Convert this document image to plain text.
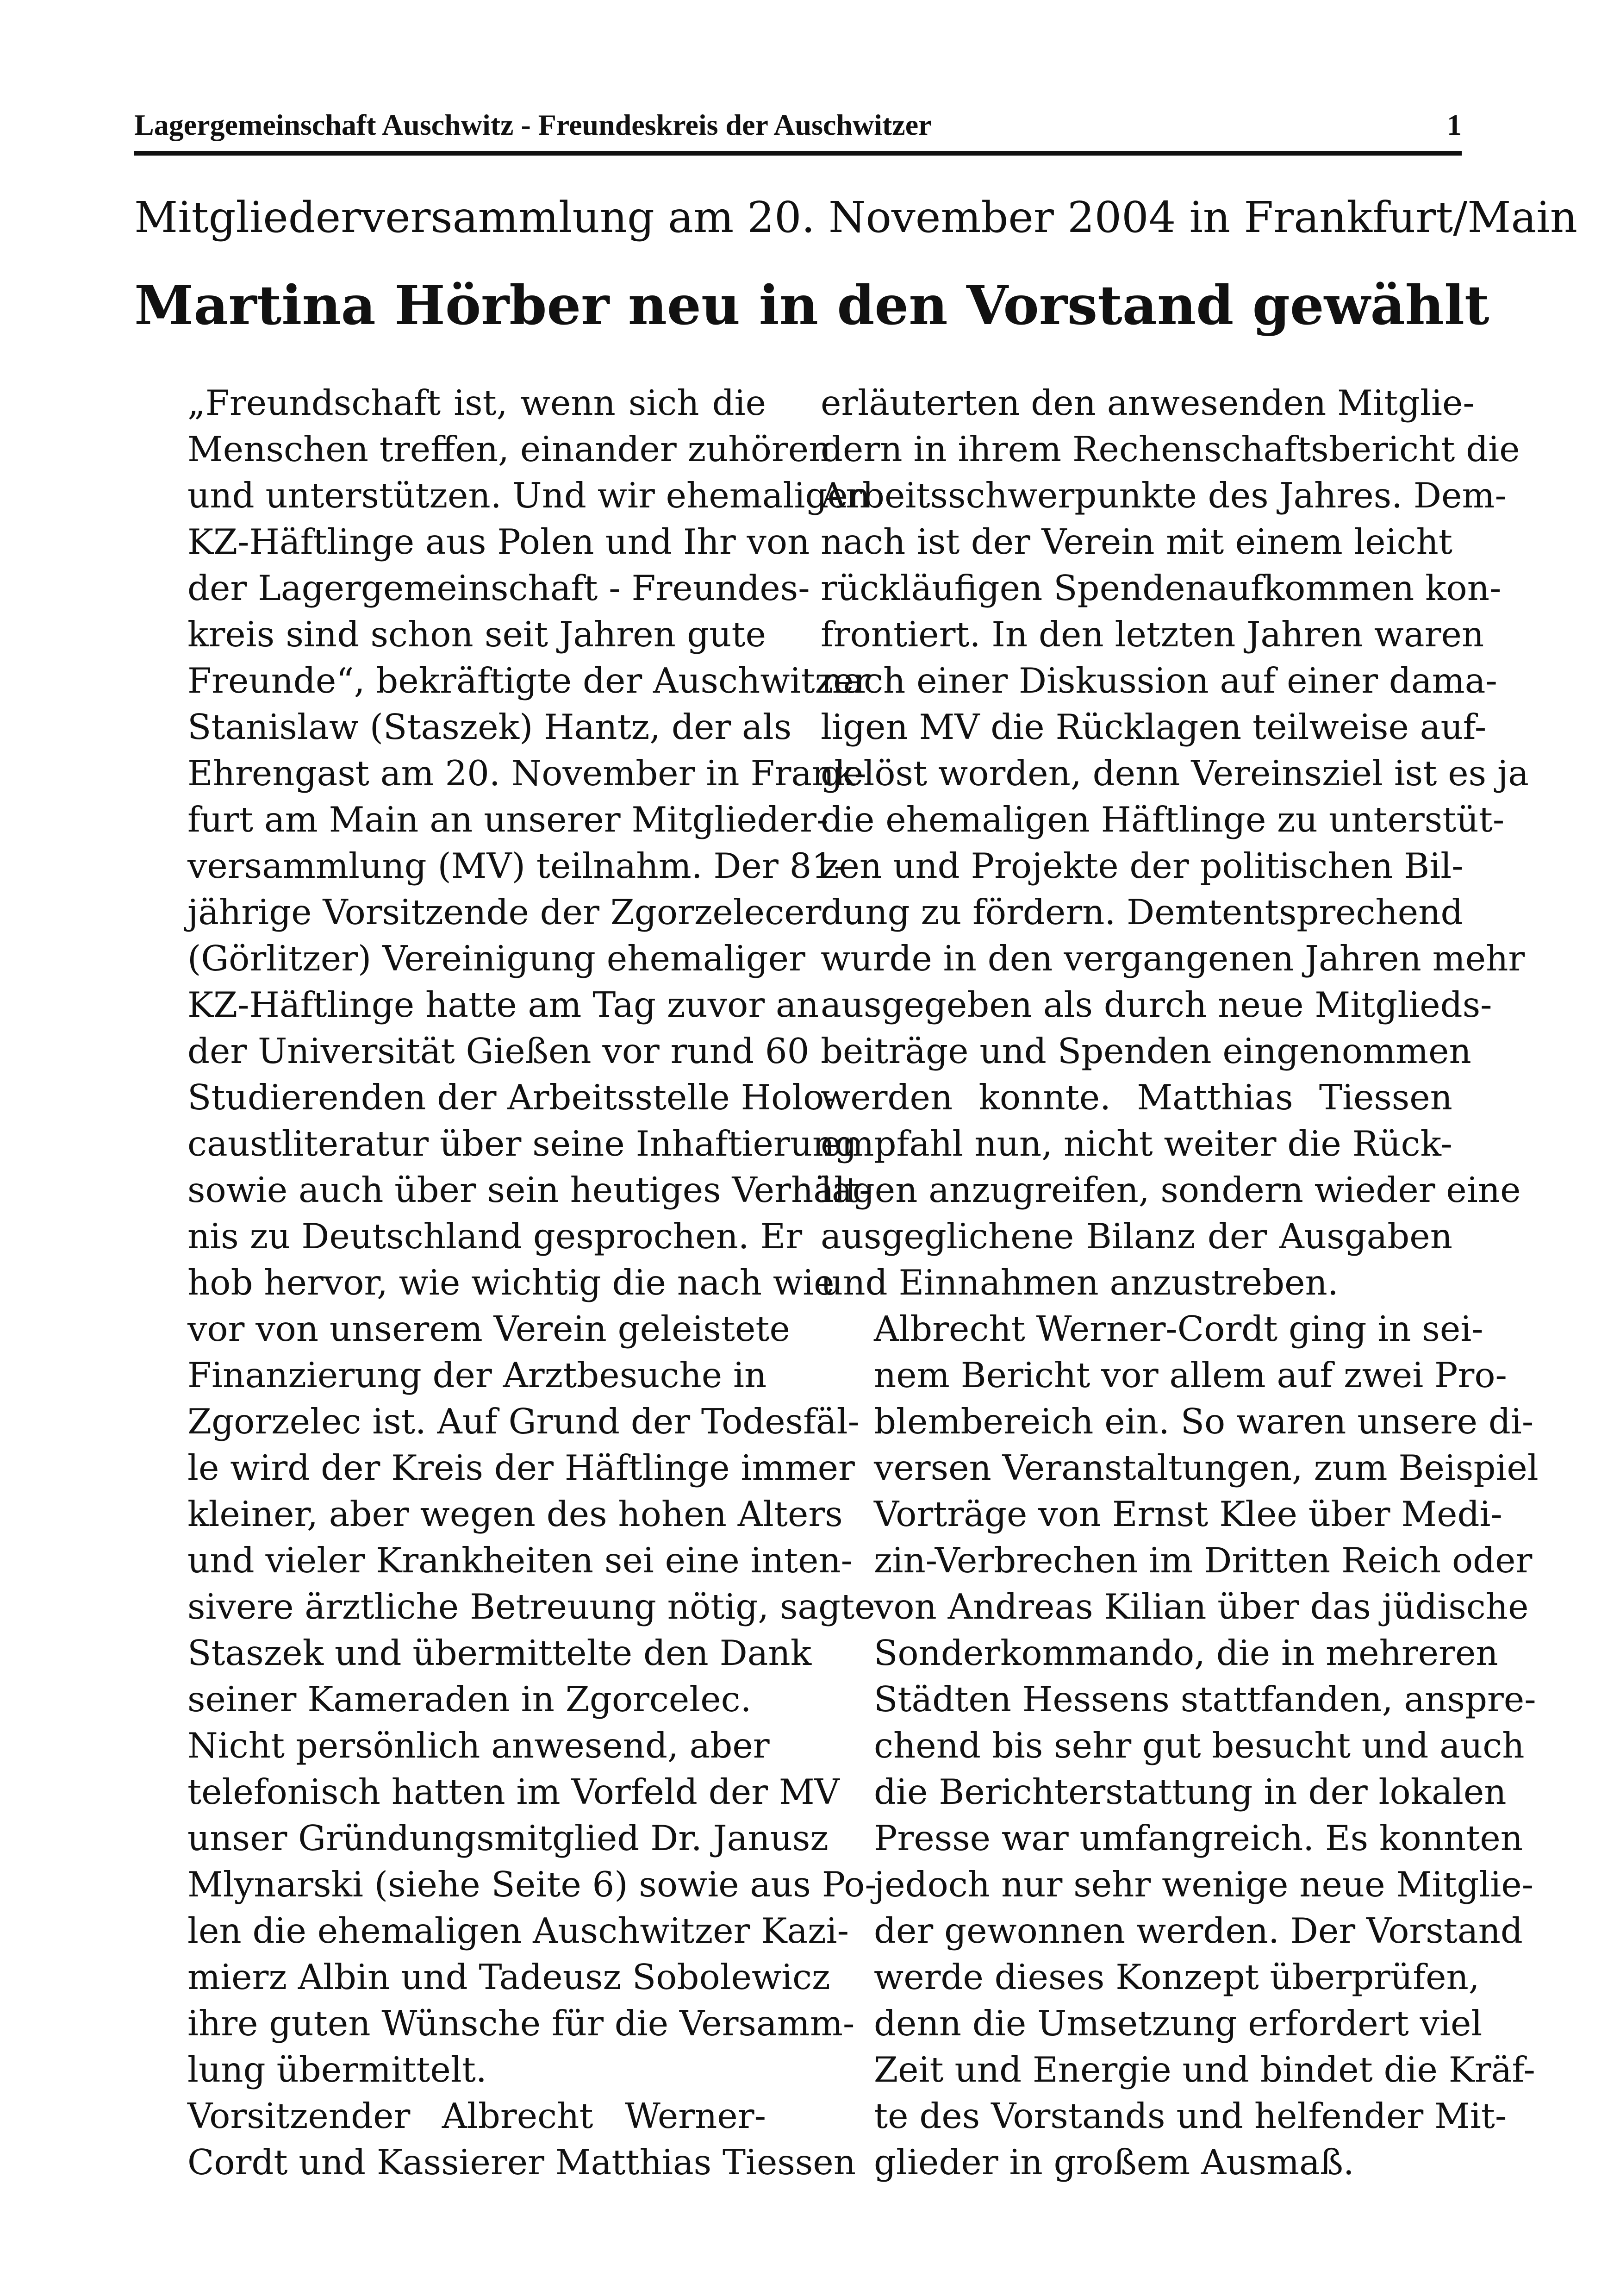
Lagergemeinschaft Auschwitz - Freundeskreis der Auschwitzer	1
Mitgliederversammlung am 20. November 2004 in Frankfurt/Main
Martina Hörber neu in den Vorstand gewählt

„Freundschaft ist, wenn sich die
Menschen treffen, einander zuhören
und unterstützen. Und wir ehemaligen
KZ-Häftlinge aus Polen und Ihr von
der Lagergemeinschaft - Freundes-
kreis sind schon seit Jahren gute
Freunde“, bekräftigte der Auschwitzer
Stanislaw (Staszek) Hantz, der als
Ehrengast am 20. November in Frank-
furt am Main an unserer Mitglieder-
versammlung (MV) teilnahm. Der 81-
jährige Vorsitzende der Zgorzelecer
(Görlitzer) Vereinigung ehemaliger
KZ-Häftlinge hatte am Tag zuvor an
der Universität Gießen vor rund 60
Studierenden der Arbeitsstelle Holo-
caustliteratur über seine Inhaftierung
sowie auch über sein heutiges Verhält-
nis zu Deutschland gesprochen. Er
hob hervor, wie wichtig die nach wie
vor von unserem Verein geleistete
Finanzierung der Arztbesuche in
Zgorzelec ist. Auf Grund der Todesfäl-
le wird der Kreis der Häftlinge immer
kleiner, aber wegen des hohen Alters
und vieler Krankheiten sei eine inten-
sivere ärztliche Betreuung nötig, sagte
Staszek und übermittelte den Dank
seiner Kameraden in Zgorcelec.

Nicht persönlich anwesend, aber
telefonisch hatten im Vorfeld der MV
unser Gründungsmitglied Dr. Janusz
Mlynarski (siehe Seite 6) sowie aus Po-
len die ehemaligen Auschwitzer Kazi-
mierz Albin und Tadeusz Sobolewicz
ihre guten Wünsche für die Versamm-
lung übermittelt.

Vorsitzender Albrecht Werner-
Cordt und Kassierer Matthias Tiessen

erläuterten den anwesenden Mitglie-
dern in ihrem Rechenschaftsbericht die
Arbeitsschwerpunkte des Jahres. Dem-
nach ist der Verein mit einem leicht
rückläufigen Spendenaufkommen kon-
frontiert. In den letzten Jahren waren
nach einer Diskussion auf einer dama-
ligen MV die Rücklagen teilweise auf-
gelöst worden, denn Vereinsziel ist es ja
die ehemaligen Häftlinge zu unterstüt-
zen und Projekte der politischen Bil-
dung zu fördern. Demtentsprechend
wurde in den vergangenen Jahren mehr
ausgegeben als durch neue Mitglieds-
beiträge und Spenden eingenommen
werden konnte. Matthias Tiessen
empfahl nun, nicht weiter die Rück-
lagen anzugreifen, sondern wieder eine
ausgeglichene Bilanz der Ausgaben
und Einnahmen anzustreben.

Albrecht Werner-Cordt ging in sei-
nem Bericht vor allem auf zwei Pro-
blembereich ein. So waren unsere di-
versen Veranstaltungen, zum Beispiel
Vorträge von Ernst Klee über Medi-
zin-Verbrechen im Dritten Reich oder
von Andreas Kilian über das jüdische
Sonderkommando, die in mehreren
Städten Hessens stattfanden, anspre-
chend bis sehr gut besucht und auch
die Berichterstattung in der lokalen
Presse war umfangreich. Es konnten
jedoch nur sehr wenige neue Mitglie-
der gewonnen werden. Der Vorstand
werde dieses Konzept überprüfen,
denn die Umsetzung erfordert viel
Zeit und Energie und bindet die Kräf-
te des Vorstands und helfender Mit-
glieder in großem Ausmaß.
